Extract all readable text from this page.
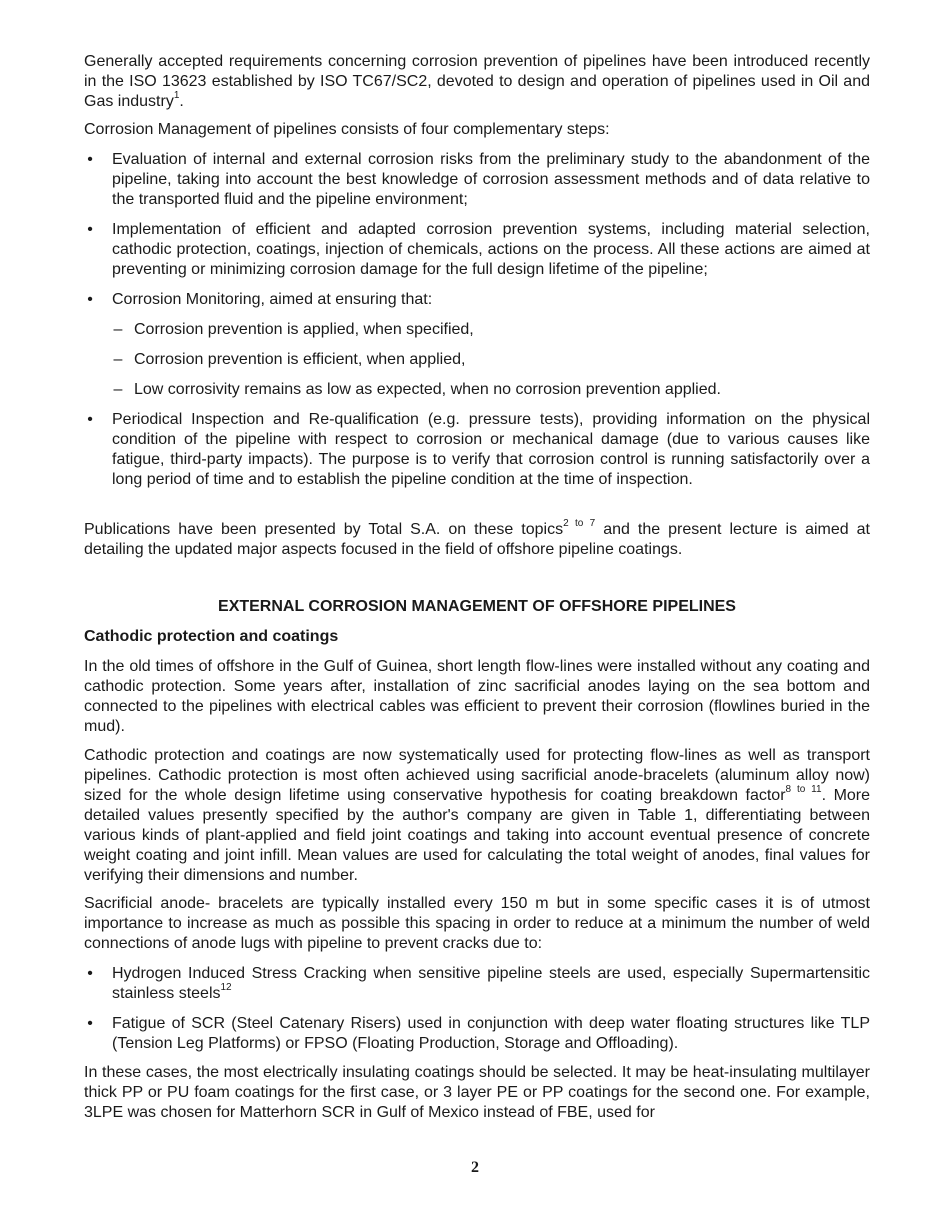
Generally accepted requirements concerning corrosion prevention of pipelines have been introduced recently in the ISO 13623 established by ISO TC67/SC2, devoted to design and operation of pipelines used in Oil and Gas industry$^1$.

Corrosion Management of pipelines consists of four complementary steps:

• Evaluation of internal and external corrosion risks from the preliminary study to the abandonment of the pipeline, taking into account the best knowledge of corrosion assessment methods and of data relative to the transported fluid and the pipeline environment;

• Implementation of efficient and adapted corrosion prevention systems, including material selection, cathodic protection, coatings, injection of chemicals, actions on the process. All these actions are aimed at preventing or minimizing corrosion damage for the full design lifetime of the pipeline;

• Corrosion Monitoring, aimed at ensuring that:

– Corrosion prevention is applied, when specified,

– Corrosion prevention is efficient, when applied,

– Low corrosivity remains as low as expected, when no corrosion prevention applied.

• Periodical Inspection and Re-qualification (e.g. pressure tests), providing information on the physical condition of the pipeline with respect to corrosion or mechanical damage (due to various causes like fatigue, third-party impacts). The purpose is to verify that corrosion control is running satisfactorily over a long period of time and to establish the pipeline condition at the time of inspection.

Publications have been presented by Total S.A. on these topics$^{2 to 7}$ and the present lecture is aimed at detailing the updated major aspects focused in the field of offshore pipeline coatings.

EXTERNAL CORROSION MANAGEMENT OF OFFSHORE PIPELINES
Cathodic protection and coatings

In the old times of offshore in the Gulf of Guinea, short length flow-lines were installed without any coating and cathodic protection. Some years after, installation of zinc sacrificial anodes laying on the sea bottom and connected to the pipelines with electrical cables was efficient to prevent their corrosion (flowlines buried in the mud).

Cathodic protection and coatings are now systematically used for protecting flow-lines as well as transport pipelines. Cathodic protection is most often achieved using sacrificial anode-bracelets (aluminum alloy now) sized for the whole design lifetime using conservative hypothesis for coating breakdown factor$^{8 to 11}$. More detailed values presently specified by the author's company are given in Table 1, differentiating between various kinds of plant-applied and field joint coatings and taking into account eventual presence of concrete weight coating and joint infill. Mean values are used for calculating the total weight of anodes, final values for verifying their dimensions and number.

Sacrificial anode- bracelets are typically installed every 150 m but in some specific cases it is of utmost importance to increase as much as possible this spacing in order to reduce at a minimum the number of weld connections of anode lugs with pipeline to prevent cracks due to:

• Hydrogen Induced Stress Cracking when sensitive pipeline steels are used, especially Supermartensitic stainless steels$^{12}$

• Fatigue of SCR (Steel Catenary Risers) used in conjunction with deep water floating structures like TLP (Tension Leg Platforms) or FPSO (Floating Production, Storage and Offloading).

In these cases, the most electrically insulating coatings should be selected. It may be heat-insulating multilayer thick PP or PU foam coatings for the first case, or 3 layer PE or PP coatings for the second one. For example, 3LPE was chosen for Matterhorn SCR in Gulf of Mexico instead of FBE, used for

2
